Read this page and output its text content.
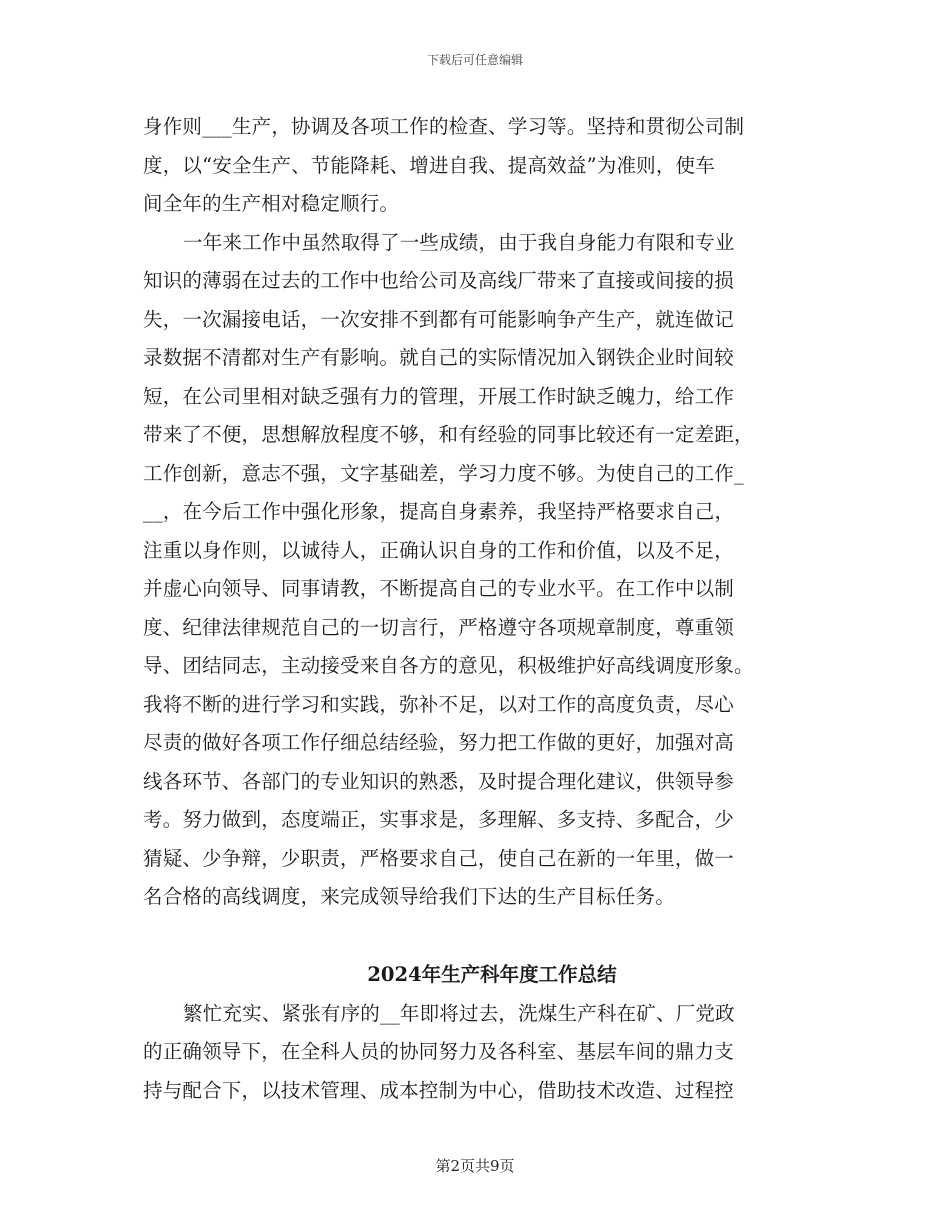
下载后可任意编辑
身作则___生产，协调及各项工作的检查、学习等。坚持和贯彻公司制
度，以“安全生产、节能降耗、增进自我、提高效益”为准则，使车
间全年的生产相对稳定顺行。
一年来工作中虽然取得了一些成绩，由于我自身能力有限和专业
知识的薄弱在过去的工作中也给公司及高线厂带来了直接或间接的损
失，一次漏接电话，一次安排不到都有可能影响争产生产，就连做记
录数据不清都对生产有影响。就自己的实际情况加入钢铁企业时间较
短，在公司里相对缺乏强有力的管理，开展工作时缺乏魄力，给工作
带来了不便，思想解放程度不够，和有经验的同事比较还有一定差距，
工作创新，意志不强，文字基础差，学习力度不够。为使自己的工作_
__，在今后工作中强化形象，提高自身素养，我坚持严格要求自己，
注重以身作则，以诚待人，正确认识自身的工作和价值，以及不足，
并虚心向领导、同事请教，不断提高自己的专业水平。在工作中以制
度、纪律法律规范自己的一切言行，严格遵守各项规章制度，尊重领
导、团结同志，主动接受来自各方的意见，积极维护好高线调度形象。
我将不断的进行学习和实践，弥补不足，以对工作的高度负责，尽心
尽责的做好各项工作仔细总结经验，努力把工作做的更好，加强对高
线各环节、各部门的专业知识的熟悉，及时提合理化建议，供领导参
考。努力做到，态度端正，实事求是，多理解、多支持、多配合，少
猜疑、少争辩，少职责，严格要求自己，使自己在新的一年里，做一
名合格的高线调度，来完成领导给我们下达的生产目标任务。
2024年生产科年度工作总结
繁忙充实、紧张有序的__年即将过去，洗煤生产科在矿、厂党政
的正确领导下，在全科人员的协同努力及各科室、基层车间的鼎力支
持与配合下，以技术管理、成本控制为中心，借助技术改造、过程控
第2页共9页
